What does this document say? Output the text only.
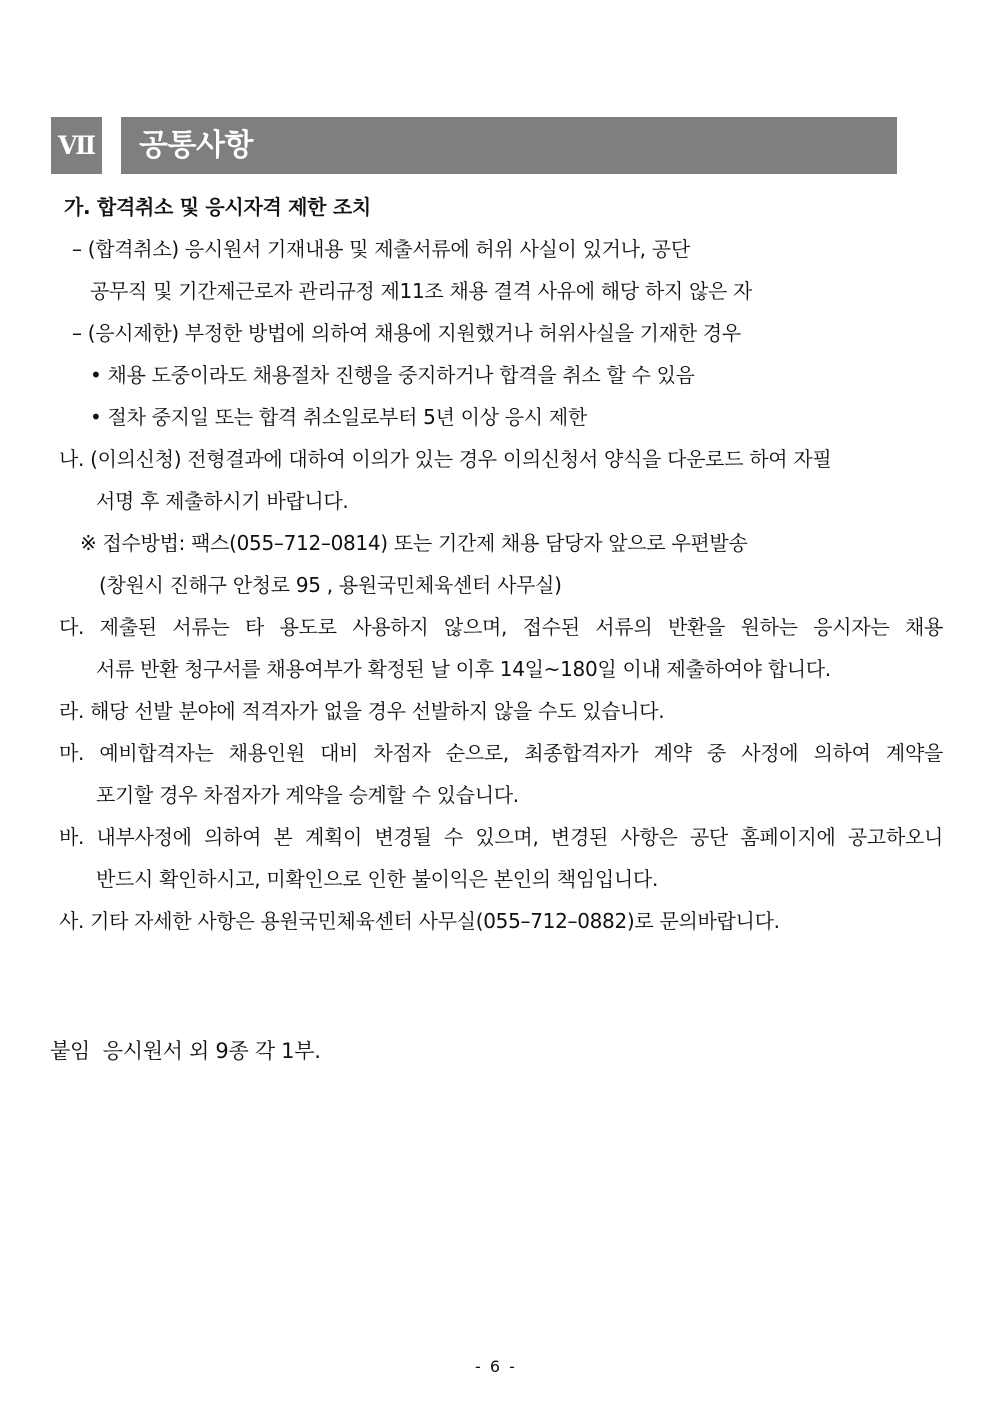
Ⅶ 공통사항
가. 합격취소 및 응시자격 제한 조치
– (합격취소) 응시원서 기재내용 및 제출서류에 허위 사실이 있거나, 공단
공무직 및 기간제근로자 관리규정 제11조 채용 결격 사유에 해당 하지 않은 자
– (응시제한) 부정한 방법에 의하여 채용에 지원했거나 허위사실을 기재한 경우
• 채용 도중이라도 채용절차 진행을 중지하거나 합격을 취소 할 수 있음
• 절차 중지일 또는 합격 취소일로부터 5년 이상 응시 제한
나. (이의신청) 전형결과에 대하여 이의가 있는 경우 이의신청서 양식을 다운로드 하여 자필
서명 후 제출하시기 바랍니다.
※ 접수방법: 팩스(055–712–0814) 또는 기간제 채용 담당자 앞으로 우편발송
(창원시 진해구 안청로 95 , 용원국민체육센터 사무실)
다. 제출된 서류는 타 용도로 사용하지 않으며, 접수된 서류의 반환을 원하는 응시자는 채용
서류 반환 청구서를 채용여부가 확정된 날 이후 14일~180일 이내 제출하여야 합니다.
라. 해당 선발 분야에 적격자가 없을 경우 선발하지 않을 수도 있습니다.
마. 예비합격자는 채용인원 대비 차점자 순으로, 최종합격자가 계약 중 사정에 의하여 계약을
포기할 경우 차점자가 계약을 승계할 수 있습니다.
바. 내부사정에 의하여 본 계획이 변경될 수 있으며, 변경된 사항은 공단 홈페이지에 공고하오니
반드시 확인하시고, 미확인으로 인한 불이익은 본인의 책임입니다.
사. 기타 자세한 사항은 용원국민체육센터 사무실(055–712–0882)로 문의바랍니다.
붙임  응시원서 외 9종 각 1부.
- 6 -
